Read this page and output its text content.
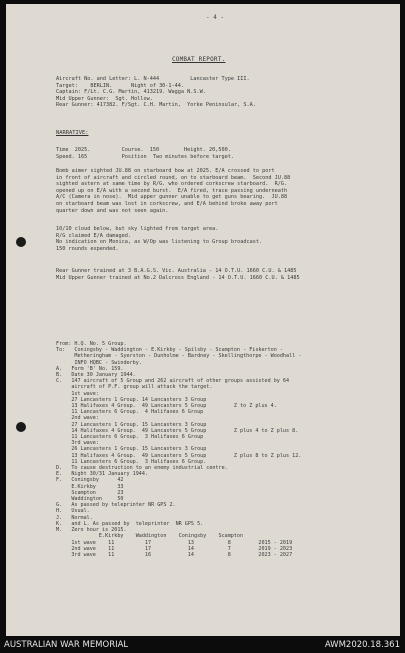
- 4 -
COMBAT REPORT.
Aircraft No. and Letter: L. N-444          Lancaster Type III.
Target:    BERLIN.      Night of 30-1-44.
Captain: F/Lt. C.G. Martin, 413219. Wagga N.S.W.
Mid Upper Gunner:  Sgt. Hollow.
Rear Gunner: 417382. F/Sgt. C.H. Martin,  Yorke Peninsular, S.A.
NARRATIVE:
Time  2025.          Course.  150        Height. 20,500.
Speed. 165           Position  Two minutes before target.
Bomb aimer sighted JU.88 on starboard bow at 2025. E/A crossed to port
in front of aircraft and circled round, on to starboard beam.  Second JU.88
sighted astern at same time by R/G. who ordered corkscrew starboard.  R/G.
opened up on E/A with a second burst.  E/A fired, trace passing underneath
A/C (Camera in nose).  Mid upper gunner unable to get guns bearing.  JU.88
on starboard beam was lost in corkscrew, and E/A behind broke away port
quarter down and was not seen again.
10/10 cloud below, but sky lighted from target area.
R/G claimed E/A damaged.
No indication on Monica, as W/Op was listening to Group broadcast.
150 rounds expended.
Rear Gunner trained at 3 B.A.G.S. Vic. Australia - 14 O.T.U. 1660 C.U. & 1485
Mid Upper Gunner trained at No.2 Dalcross England - 14 O.T.U. 1660 C.U. & 1485
From: H.Q. No. 5 Group.
To:   Coningsby - Waddington - E.Kirkby - Spilsby - Scampton - Fiskerton -
Metheringham - Syerston - Dunholme - Bardney - Skellingthorpe - Woodhall -
INFO HQBC - Swinderby.
A.   Form 'B' No. 159.
B.   Date 30 January 1944.
C.   147 aircraft of 5 Group and 262 aircraft of other groups assisted by 64
aircraft of P.F. group will attack the target.
1st wave:
27 Lancasters 1 Group. 14 Lancasters 3 Group
13 Halifaxes 4 Group.  49 Lancasters 5 Group         Z to Z plus 4.
11 Lancasters 6 Group.  4 Halifaxes 6 Group
2nd wave:
27 Lancasters 1 Group. 15 Lancasters 3 Group
14 Halifaxes 4 Group.  49 Lancasters 5 Group         Z plus 4 to Z plus 8.
11 Lancasters 6 Group.  3 Halifaxes 6 Group
3rd wave:
26 Lancasters 1 Group. 15 Lancasters 3 Group
13 Halifaxes 4 Group.  49 Lancasters 5 Group         Z plus 8 to Z plus 12.
11 Lancasters 6 Group.  3 Halifaxes 6 Group.
D.   To cause destruction to an enemy industrial centre.
E.   Night 30/31 January 1944.
F.   Coningsby      42
E.Kirkby       33
Scampton       23
Waddington     50
G.   As passed by teleprinter NR GPS 2.
H.   Usual.
J.   Normal.
K.   and L. As passed by  teleprinter  NR GPS 5.
M.   Zero hour is 2015.
E.Kirkby    Waddington    Coningsby    Scampton
1st wave    11          17            13           8         2015 - 2019
2nd wave    11          17            14           7         2019 - 2023
3rd wave    11          16            14           8         2023 - 2027
AUSTRALIAN WAR MEMORIAL	AWM2020.18.361
